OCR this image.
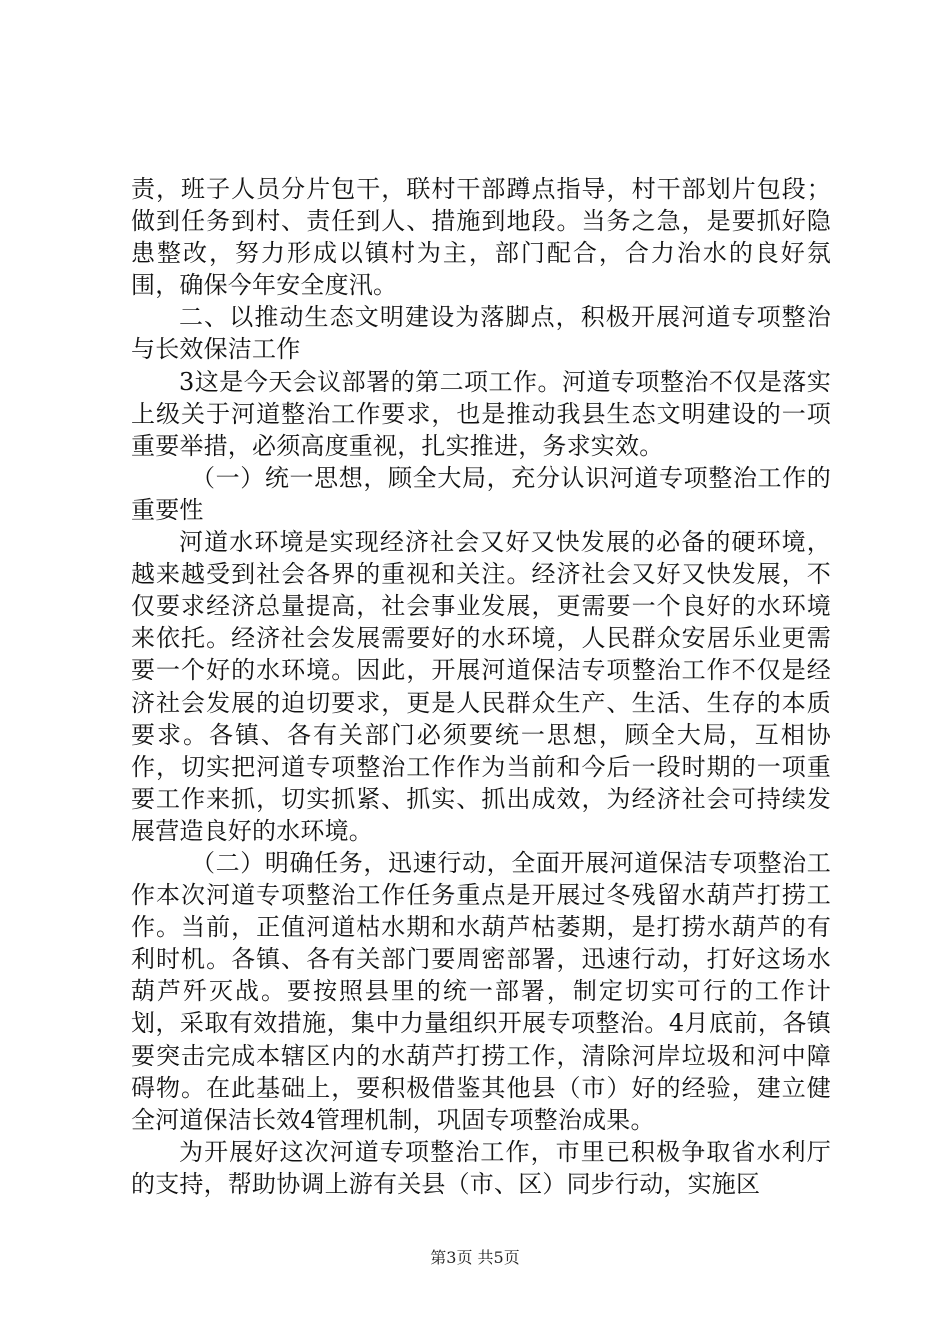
责，班子人员分片包干，联村干部蹲点指导，村干部划片包段；做到任务到村、责任到人、措施到地段。当务之急，是要抓好隐患整改，努力形成以镇村为主，部门配合，合力治水的良好氛围，确保今年安全度汛。

二、以推动生态文明建设为落脚点，积极开展河道专项整治与长效保洁工作

3这是今天会议部署的第二项工作。河道专项整治不仅是落实上级关于河道整治工作要求，也是推动我县生态文明建设的一项重要举措，必须高度重视，扎实推进，务求实效。

（一）统一思想，顾全大局，充分认识河道专项整治工作的重要性

河道水环境是实现经济社会又好又快发展的必备的硬环境，越来越受到社会各界的重视和关注。经济社会又好又快发展，不仅要求经济总量提高，社会事业发展，更需要一个良好的水环境来依托。经济社会发展需要好的水环境，人民群众安居乐业更需要一个好的水环境。因此，开展河道保洁专项整治工作不仅是经济社会发展的迫切要求，更是人民群众生产、生活、生存的本质要求。各镇、各有关部门必须要统一思想，顾全大局，互相协作，切实把河道专项整治工作作为当前和今后一段时期的一项重要工作来抓，切实抓紧、抓实、抓出成效，为经济社会可持续发展营造良好的水环境。

（二）明确任务，迅速行动，全面开展河道保洁专项整治工作本次河道专项整治工作任务重点是开展过冬残留水葫芦打捞工作。当前，正值河道枯水期和水葫芦枯萎期，是打捞水葫芦的有利时机。各镇、各有关部门要周密部署，迅速行动，打好这场水葫芦歼灭战。要按照县里的统一部署，制定切实可行的工作计划，采取有效措施，集中力量组织开展专项整治。4月底前，各镇要突击完成本辖区内的水葫芦打捞工作，清除河岸垃圾和河中障碍物。在此基础上，要积极借鉴其他县（市）好的经验，建立健全河道保洁长效4管理机制，巩固专项整治成果。

为开展好这次河道专项整治工作，市里已积极争取省水利厅的支持，帮助协调上游有关县（市、区）同步行动，实施区

第3页 共5页
